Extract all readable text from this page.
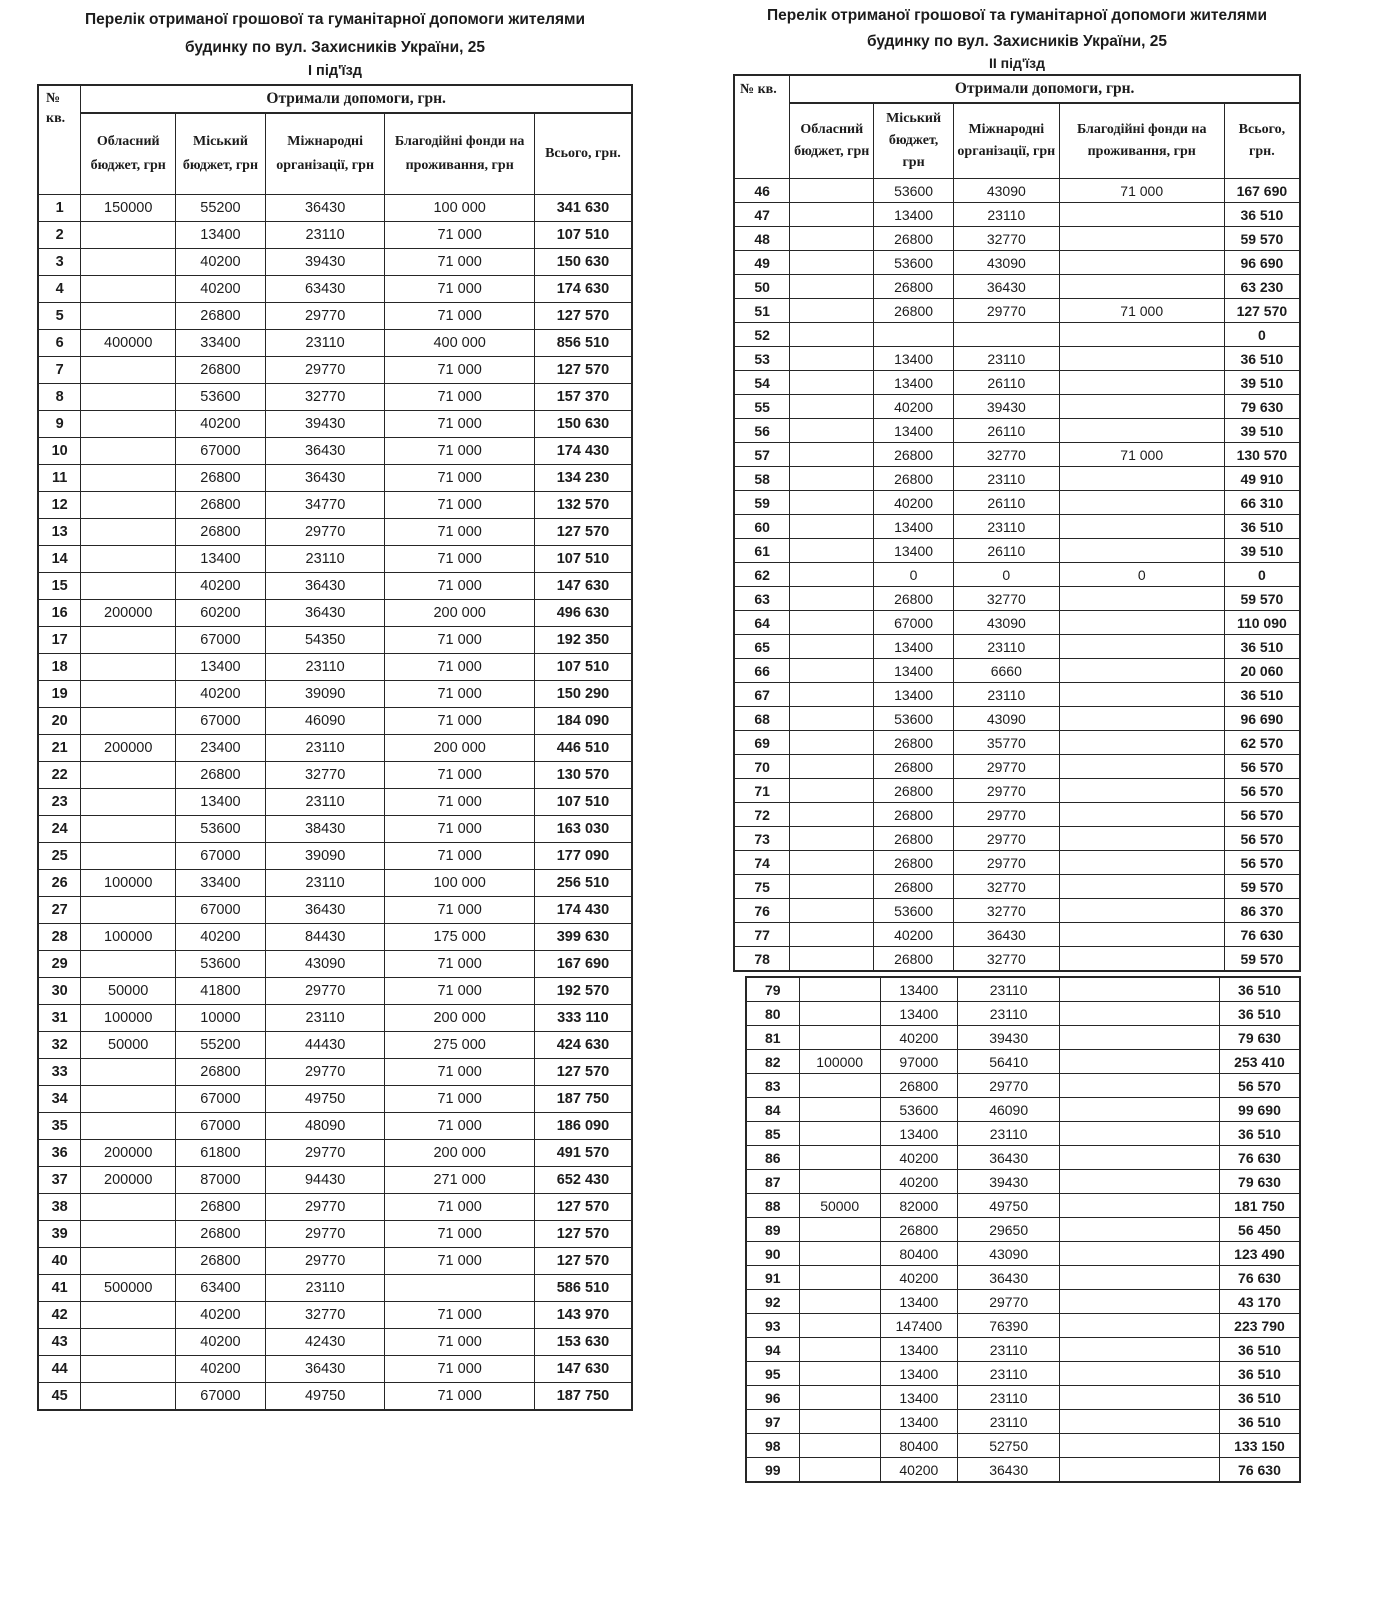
Перелік отриманої грошової та гуманітарної допомоги жителями
будинку по вул. Захисників України, 25
І під'їзд
№
кв.	Отримали допомоги, грн.				
	Обласний бюджет, грн	Міський бюджет, грн	Міжнародні організації, грн	Благодійні фонди на проживання, грн	Всього, грн.
1	150000	55200	36430	100 000	341 630
2		13400	23110	71 000	107 510
3		40200	39430	71 000	150 630
4		40200	63430	71 000	174 630
5		26800	29770	71 000	127 570
6	400000	33400	23110	400 000	856 510
7		26800	29770	71 000	127 570
8		53600	32770	71 000	157 370
9		40200	39430	71 000	150 630
10		67000	36430	71 000	174 430
11		26800	36430	71 000	134 230
12		26800	34770	71 000	132 570
13		26800	29770	71 000	127 570
14		13400	23110	71 000	107 510
15		40200	36430	71 000	147 630
16	200000	60200	36430	200 000	496 630
17		67000	54350	71 000	192 350
18		13400	23110	71 000	107 510
19		40200	39090	71 000	150 290
20		67000	46090	71 000	184 090
21	200000	23400	23110	200 000	446 510
22		26800	32770	71 000	130 570
23		13400	23110	71 000	107 510
24		53600	38430	71 000	163 030
25		67000	39090	71 000	177 090
26	100000	33400	23110	100 000	256 510
27		67000	36430	71 000	174 430
28	100000	40200	84430	175 000	399 630
29		53600	43090	71 000	167 690
30	50000	41800	29770	71 000	192 570
31	100000	10000	23110	200 000	333 110
32	50000	55200	44430	275 000	424 630
33		26800	29770	71 000	127 570
34		67000	49750	71 000	187 750
35		67000	48090	71 000	186 090
36	200000	61800	29770	200 000	491 570
37	200000	87000	94430	271 000	652 430
38		26800	29770	71 000	127 570
39		26800	29770	71 000	127 570
40		26800	29770	71 000	127 570
41	500000	63400	23110		586 510
42		40200	32770	71 000	143 970
43		40200	42430	71 000	153 630
44		40200	36430	71 000	147 630
45		67000	49750	71 000	187 750
Перелік отриманої грошової та гуманітарної допомоги жителями
будинку по вул. Захисників України, 25
ІІ під'їзд
№ кв.	Отримали допомоги, грн.				
	Обласний бюджет, грн	Міський бюджет, грн	Міжнародні організації, грн	Благодійні фонди на проживання, грн	Всього, грн.
46		53600	43090	71 000	167 690
47		13400	23110		36 510
48		26800	32770		59 570
49		53600	43090		96 690
50		26800	36430		63 230
51		26800	29770	71 000	127 570
52					0
53		13400	23110		36 510
54		13400	26110		39 510
55		40200	39430		79 630
56		13400	26110		39 510
57		26800	32770	71 000	130 570
58		26800	23110		49 910
59		40200	26110		66 310
60		13400	23110		36 510
61		13400	26110		39 510
62		0	0	0	0
63		26800	32770		59 570
64		67000	43090		110 090
65		13400	23110		36 510
66		13400	6660		20 060
67		13400	23110		36 510
68		53600	43090		96 690
69		26800	35770		62 570
70		26800	29770		56 570
71		26800	29770		56 570
72		26800	29770		56 570
73		26800	29770		56 570
74		26800	29770		56 570
75		26800	32770		59 570
76		53600	32770		86 370
77		40200	36430		76 630
78		26800	32770		59 570
79		13400	23110		36 510
80		13400	23110		36 510
81		40200	39430		79 630
82	100000	97000	56410		253 410
83		26800	29770		56 570
84		53600	46090		99 690
85		13400	23110		36 510
86		40200	36430		76 630
87		40200	39430		79 630
88	50000	82000	49750		181 750
89		26800	29650		56 450
90		80400	43090		123 490
91		40200	36430		76 630
92		13400	29770		43 170
93		147400	76390		223 790
94		13400	23110		36 510
95		13400	23110		36 510
96		13400	23110		36 510
97		13400	23110		36 510
98		80400	52750		133 150
99		40200	36430		76 630
